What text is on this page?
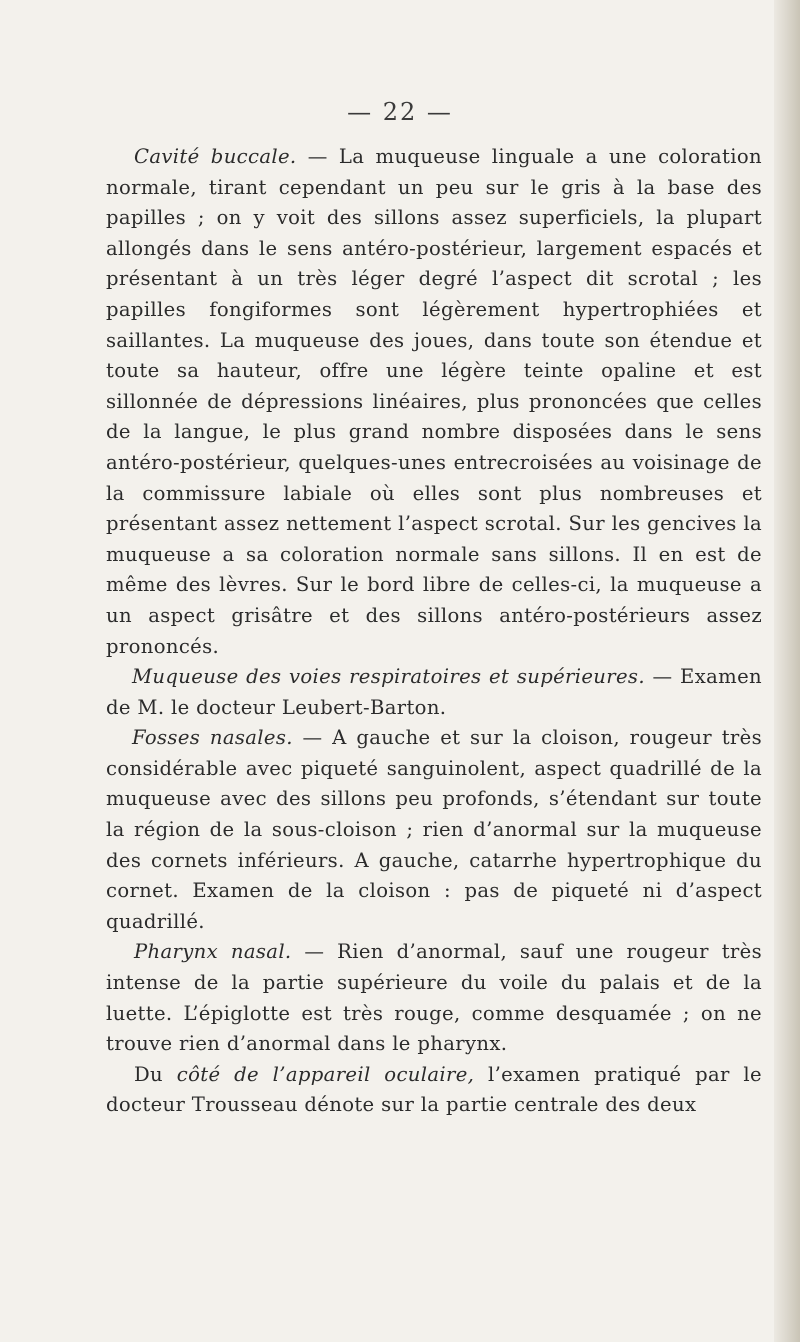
— 22 —

Cavité buccale. — La muqueuse linguale a une coloration normale, tirant cependant un peu sur le gris à la base des papilles ; on y voit des sillons assez superficiels, la plupart allongés dans le sens antéro-postérieur, largement espacés et présentant à un très léger degré l’aspect dit scrotal ; les papilles fongiformes sont légèrement hypertrophiées et saillantes. La muqueuse des joues, dans toute son étendue et toute sa hauteur, offre une légère teinte opaline et est sillonnée de dépressions linéaires, plus prononcées que celles de la langue, le plus grand nombre disposées dans le sens antéro-postérieur, quelques-unes entrecroisées au voisinage de la commissure labiale où elles sont plus nombreuses et présentant assez nettement l’aspect scrotal. Sur les gencives la muqueuse a sa coloration normale sans sillons. Il en est de même des lèvres. Sur le bord libre de celles-ci, la muqueuse a un aspect grisâtre et des sillons antéro-postérieurs assez prononcés.

Muqueuse des voies respiratoires et supérieures. — Examen de M. le docteur Leubert-Barton.

Fosses nasales. — A gauche et sur la cloison, rougeur très considérable avec piqueté sanguinolent, aspect quadrillé de la muqueuse avec des sillons peu profonds, s’étendant sur toute la région de la sous-cloison ; rien d’anormal sur la muqueuse des cornets inférieurs. A gauche, catarrhe hypertrophique du cornet. Examen de la cloison : pas de piqueté ni d’aspect quadrillé.

Pharynx nasal. — Rien d’anormal, sauf une rougeur très intense de la partie supérieure du voile du palais et de la luette. L’épiglotte est très rouge, comme desquamée ; on ne trouve rien d’anormal dans le pharynx.

Du côté de l’appareil oculaire, l’examen pratiqué par le docteur Trousseau dénote sur la partie centrale des deux
